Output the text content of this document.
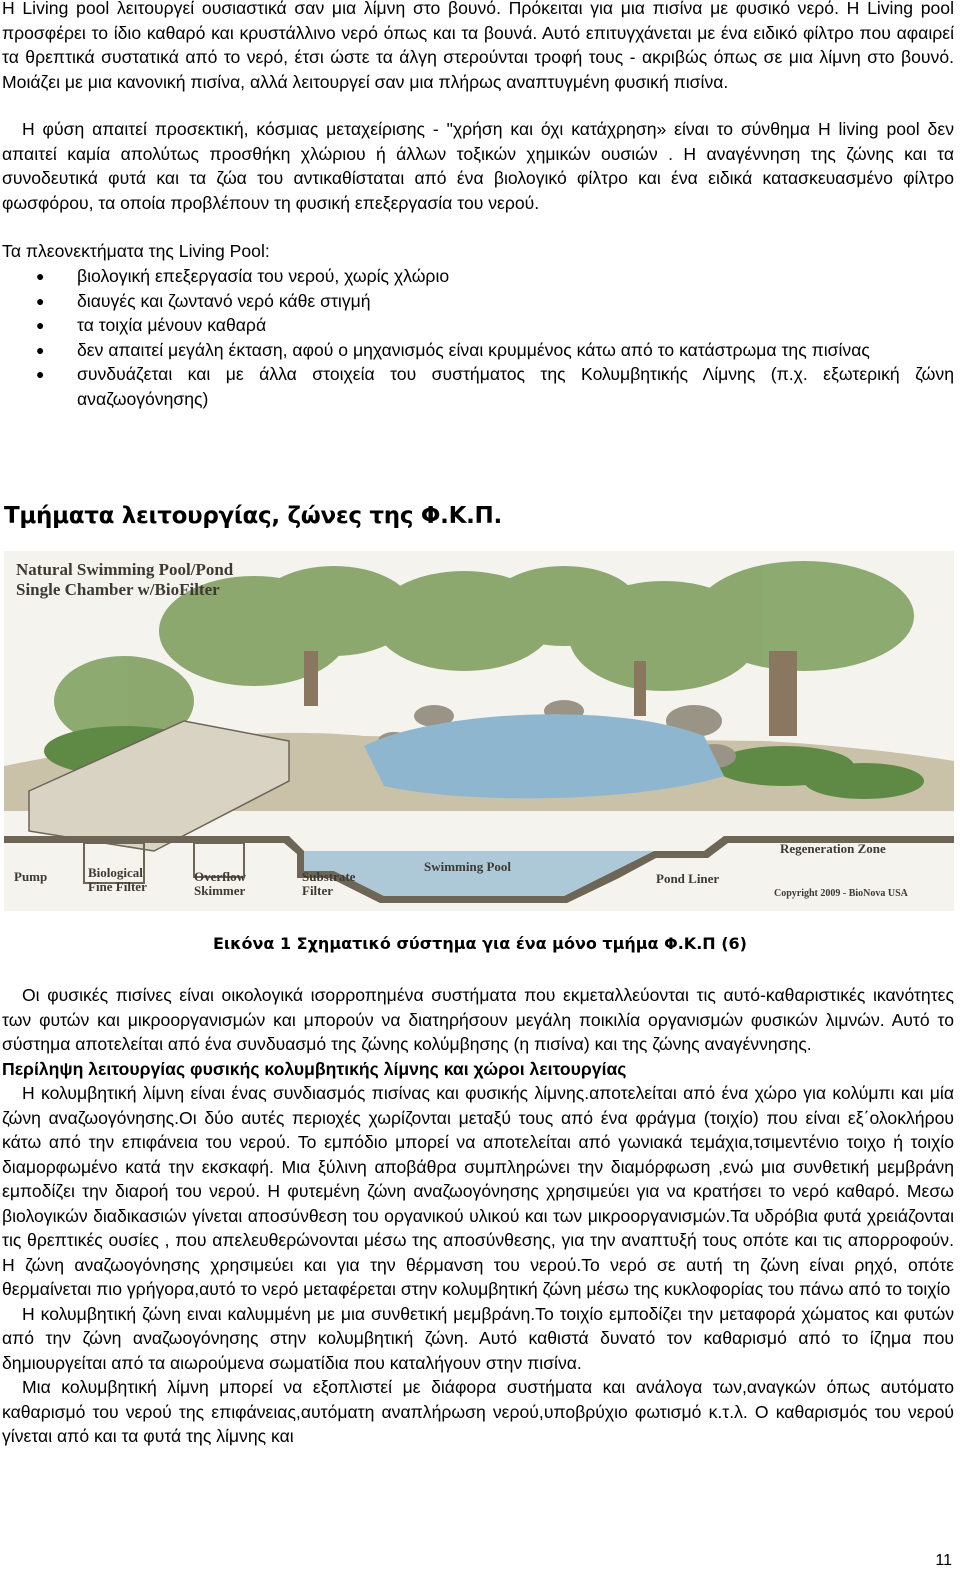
Η Living pool λειτουργεί ουσιαστικά σαν μια λίμνη στο βουνό. Πρόκειται για μια πισίνα με φυσικό νερό. Η Living pool προσφέρει το ίδιο καθαρό και κρυστάλλινο νερό όπως και τα βουνά. Αυτό επιτυγχάνεται με ένα ειδικό φίλτρο που αφαιρεί τα θρεπτικά συστατικά από το νερό, έτσι ώστε τα άλγη στερούνται τροφή τους - ακριβώς όπως σε μια λίμνη στο βουνό. Μοιάζει με μια κανονική πισίνα, αλλά λειτουργεί σαν μια πλήρως αναπτυγμένη φυσική πισίνα.

Η φύση απαιτεί προσεκτική, κόσμιας μεταχείρισης - "χρήση και όχι κατάχρηση» είναι το σύνθημα Η living pool δεν απαιτεί καμία απολύτως προσθήκη χλώριου ή άλλων τοξικών χημικών ουσιών . Η αναγέννηση της ζώνης και τα συνοδευτικά φυτά και τα ζώα του αντικαθίσταται από ένα βιολογικό φίλτρο και ένα ειδικά κατασκευασμένο φίλτρο φωσφόρου, τα οποία προβλέπουν τη φυσική επεξεργασία του νερού.

Τα πλεονεκτήματα της Living Pool:
● βιολογική επεξεργασία του νερού, χωρίς χλώριο
● διαυγές και ζωντανό νερό κάθε στιγμή
● τα τοιχία μένουν καθαρά
● δεν απαιτεί μεγάλη έκταση, αφού ο μηχανισμός είναι κρυμμένος κάτω από το κατάστρωμα της πισίνας
● συνδυάζεται και με άλλα στοιχεία του συστήματος της Κολυμβητικής Λίμνης (π.χ. εξωτερική ζώνη αναζωογόνησης)
Τμήματα λειτουργίας, ζώνες της Φ.Κ.Π.
Natural Swimming Pool/Pond
Single Chamber w/BioFilter
Pump	Biological
Fine Filter
Overflow
Skimmer
Substrate
Filter
Swimming Pool
Pond Liner
Regeneration Zone
Copyright 2009 - BioNova USA
Εικόνα 1 Σχηματικό σύστημα για ένα μόνο τμήμα Φ.Κ.Π (6)

Οι φυσικές πισίνες είναι οικολογικά ισορροπημένα συστήματα που εκμεταλλεύονται τις αυτό-καθαριστικές ικανότητες των φυτών και μικροοργανισμών και μπορούν να διατηρήσουν μεγάλη ποικιλία οργανισμών φυσικών λιμνών. Αυτό το σύστημα αποτελείται από ένα συνδυασμό της ζώνης κολύμβησης (η πισίνα) και της ζώνης αναγέννησης.

Περίληψη λειτουργίας φυσικής κολυμβητικής λίμνης και χώροι λειτουργίας

Η κολυμβητική λίμνη είναι ένας συνδιασμός πισίνας και φυσικής λίμνης.αποτελείται από ένα χώρο για κολύμπι και μία ζώνη αναζωογόνησης.Οι δύο αυτές περιοχές χωρίζονται μεταξύ τους από ένα φράγμα (τοιχίο) που είναι εξ΄ολοκλήρου κάτω από την επιφάνεια του νερού. Το εμπόδιο μπορεί να αποτελείται από γωνιακά τεμάχια,τσιμεντένιο τοιχο ή τοιχίο διαμορφωμένο κατά την εκσκαφή. Μια ξύλινη αποβάθρα συμπληρώνει την διαμόρφωση ,ενώ μια συνθετική μεμβράνη εμποδίζει την διαροή του νερού. Η φυτεμένη ζώνη αναζωογόνησης χρησιμεύει για να κρατήσει το νερό καθαρό. Μεσω βιολογικών διαδικασιών γίνεται αποσύνθεση του οργανικού υλικού και των μικροοργανισμών.Τα υδρόβια φυτά χρειάζονται τις θρεπτικές ουσίες , που απελευθερώνονται μέσω της αποσύνθεσης, για την αναπτυξή τους οπότε και τις απορροφούν. Η ζώνη αναζωογόνησης χρησιμεύει και για την θέρμανση του νερού.Το νερό σε αυτή τη ζώνη είναι ρηχό, οπότε θερμαίνεται πιο γρήγορα,αυτό το νερό μεταφέρεται στην κολυμβητική ζώνη μέσω της κυκλοφορίας του πάνω από το τοιχίο

Η κολυμβητική ζώνη ειναι καλυμμένη με μια συνθετική μεμβράνη.Το τοιχίο εμποδίζει την μεταφορά χώματος και φυτών από την ζώνη αναζωογόνησης στην κολυμβητική ζώνη. Αυτό καθιστά δυνατό τον καθαρισμό από το ίζημα που δημιουργείται από τα αιωρούμενα σωματίδια που καταλήγουν στην πισίνα.

Μια κολυμβητική λίμνη μπορεί να εξοπλιστεί με διάφορα συστήματα και ανάλογα των,αναγκών όπως αυτόματο καθαρισμό του νερού της επιφάνειας,αυτόματη αναπλήρωση νερού,υποβρύχιο φωτισμό κ.τ.λ. Ο καθαρισμός του νερού γίνεται από και τα φυτά της λίμνης και

11
